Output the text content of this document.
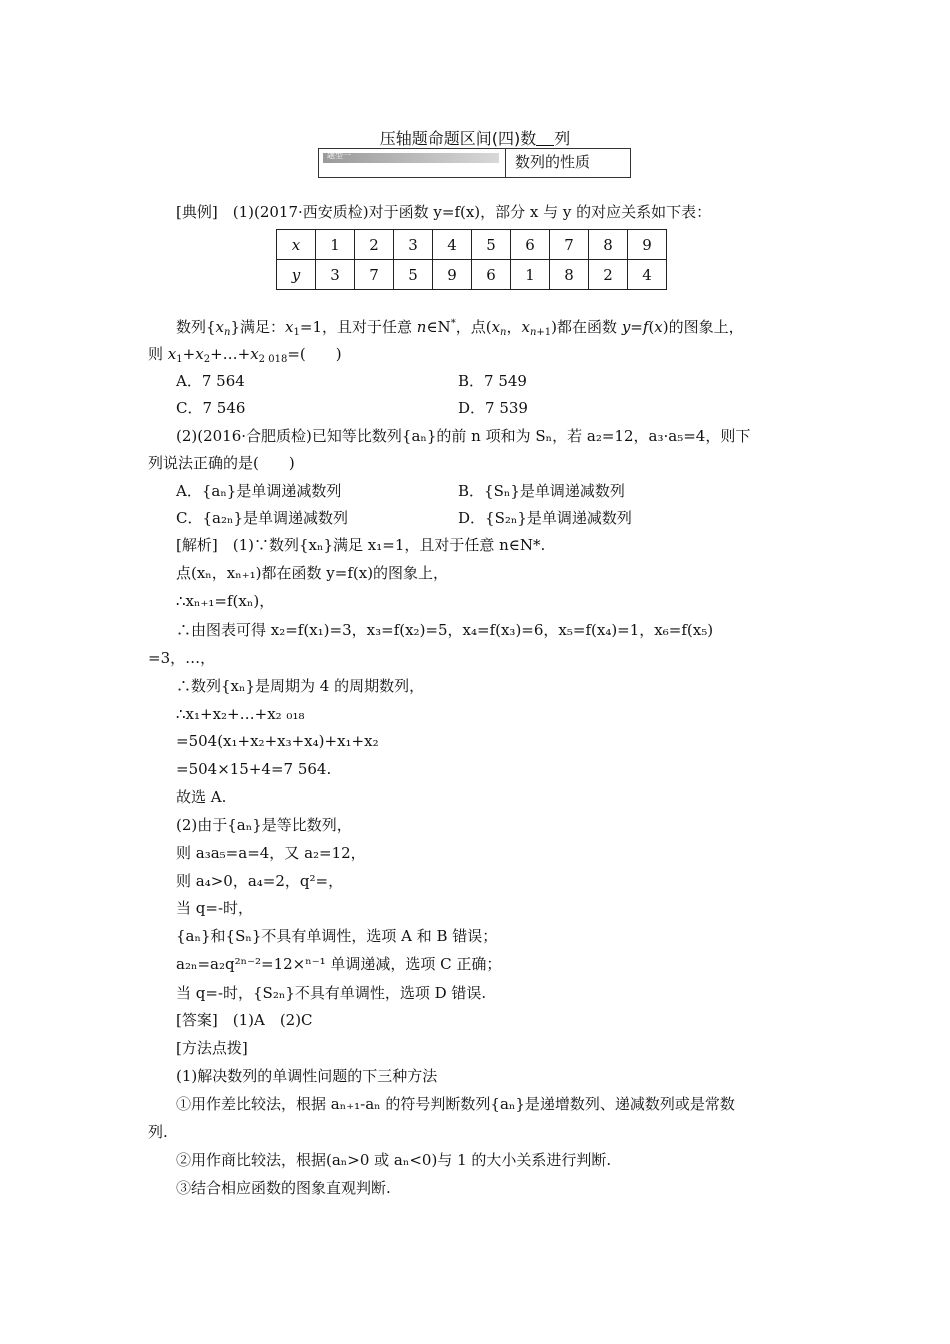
压轴题命题区间(四)数 列
题型一	数列的性质
[典例]　 (1)(2017·西安质检)对于函数 y=f(x)，部分 x 与 y 的对应关系如下表：
x	1	2	3	4	5	6	7	8	9
y	3	7	5	9	6	1	8	2	4
数列$\{x_n\}$满足：$x_1=1$，且对于任意 n∈N*，点($x_n$，$x_{n+1}$)都在函数 y=f(x)的图象上，
则 $x_1+x_2+\dots+x_{2 018}=$(　　)
A．7 564	B．7 549
C．7 546	D．7 539
(2)(2016·合肥质检)已知等比数列{aₙ}的前 n 项和为 Sₙ，若 a₂=12，a₃·a₅=4，则下
列说法正确的是(　　)
A．{aₙ}是单调递减数列	B．{Sₙ}是单调递减数列
C．{a₂ₙ}是单调递减数列	D．{S₂ₙ}是单调递减数列
[解析]　 (1)∵数列{xₙ}满足 x₁=1，且对于任意 n∈N*.
点(xₙ，xₙ₊₁)都在函数 y=f(x)的图象上，
∴xₙ₊₁=f(xₙ)，
∴由图表可得 x₂=f(x₁)=3，x₃=f(x₂)=5，x₄=f(x₃)=6，x₅=f(x₄)=1，x₆=f(x₅)
=3，…，
∴数列{xₙ}是周期为 4 的周期数列，
∴x₁+x₂+…+x₂ ₀₁₈
=504(x₁+x₂+x₃+x₄)+x₁+x₂
=504×15+4=7 564.
故选 A.
(2)由于{aₙ}是等比数列，
则 a₃a₅=a=4，又 a₂=12，
则 a₄>0，a₄=2，q²=，
当 q=-时，
{aₙ}和{Sₙ}不具有单调性，选项 A 和 B 错误；
a₂ₙ=a₂q²ⁿ⁻²=12×ⁿ⁻¹ 单调递减，选项 C 正确；
当 q=-时，{S₂ₙ}不具有单调性，选项 D 错误.
[答案]　 (1)A　(2)C
[方法点拨]
(1)解决数列的单调性问题的下三种方法
①用作差比较法，根据 aₙ₊₁-aₙ 的符号判断数列{aₙ}是递增数列、递减数列或是常数
列.
②用作商比较法，根据(aₙ>0 或 aₙ<0)与 1 的大小关系进行判断.
③结合相应函数的图象直观判断.
